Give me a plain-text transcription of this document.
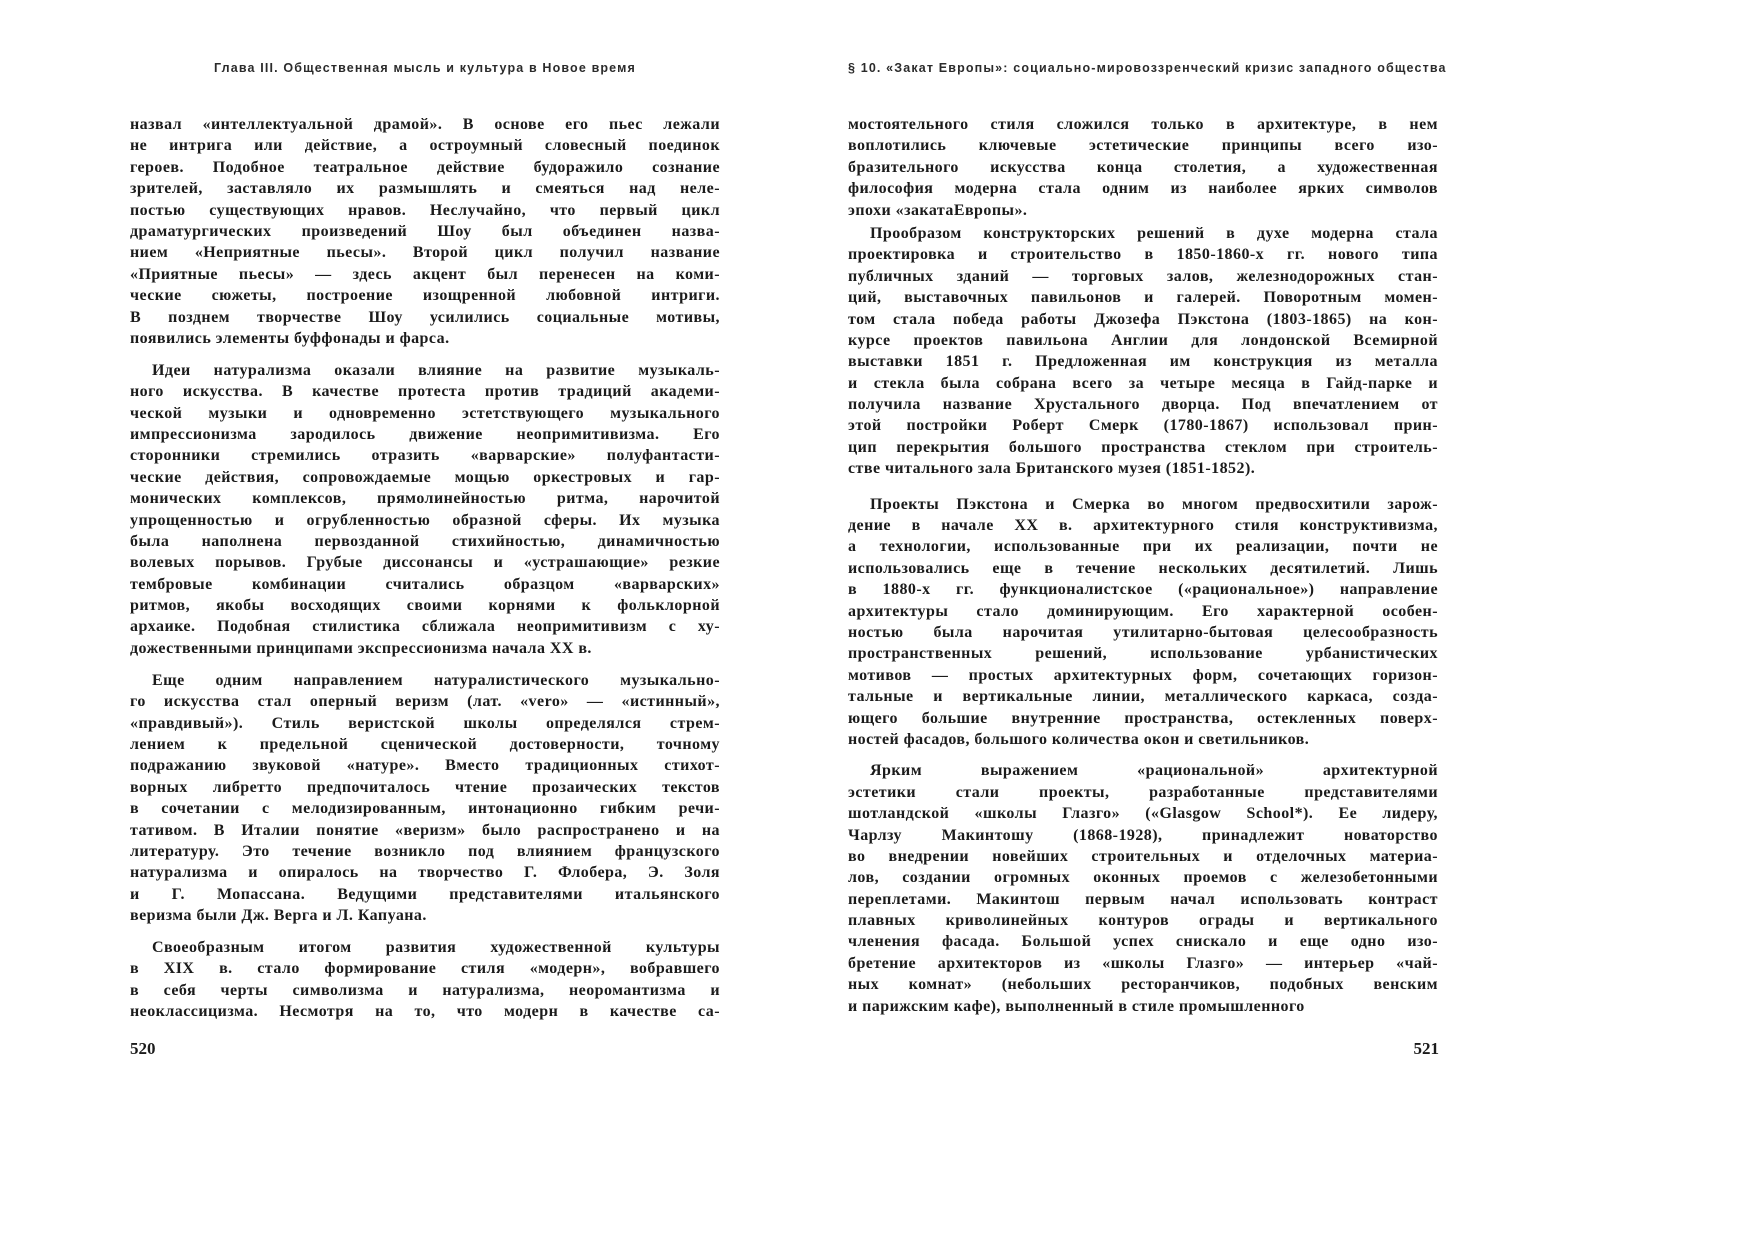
Глава III. Общественная мысль и культура в Новое время
назвал «интеллектуальной драмой». В основе его пьес лежали
не интрига или действие, а остроумный словесный поединок
героев. Подобное театральное действие будоражило сознание
зрителей, заставляло их размышлять и смеяться над неле-
постью существующих нравов. Неслучайно, что первый цикл
драматургических произведений Шоу был объединен назва-
нием «Неприятные пьесы». Второй цикл получил название
«Приятные пьесы» — здесь акцент был перенесен на коми-
ческие сюжеты, построение изощренной любовной интриги.
В позднем творчестве Шоу усилились социальные мотивы,
появились элементы буффонады и фарса.
Идеи натурализма оказали влияние на развитие музыкаль-
ного искусства. В качестве протеста против традиций академи-
ческой музыки и одновременно эстетствующего музыкального
импрессионизма зародилось движение неопримитивизма. Его
сторонники стремились отразить «варварские» полуфантасти-
ческие действия, сопровождаемые мощью оркестровых и гар-
монических комплексов, прямолинейностью ритма, нарочитой
упрощенностью и огрубленностью образной сферы. Их музыка
была наполнена первозданной стихийностью, динамичностью
волевых порывов. Грубые диссонансы и «устрашающие» резкие
тембровые комбинации считались образцом «варварских»
ритмов, якобы восходящих своими корнями к фольклорной
архаике. Подобная стилистика сближала неопримитивизм с ху-
дожественными принципами экспрессионизма начала XX в.
Еще одним направлением натуралистического музыкально-
го искусства стал оперный веризм (лат. «vero» — «истинный»,
«правдивый»). Стиль веристской школы определялся стрем-
лением к предельной сценической достоверности, точному
подражанию звуковой «натуре». Вместо традиционных стихот-
ворных либретто предпочиталось чтение прозаических текстов
в сочетании с мелодизированным, интонационно гибким речи-
тативом. В Италии понятие «веризм» было распространено и на
литературу. Это течение возникло под влиянием французского
натурализма и опиралось на творчество Г. Флобера, Э. Золя
и Г. Мопассана. Ведущими представителями итальянского
веризма были Дж. Верга и Л. Капуана.
Своеобразным итогом развития художественной культуры
в XIX в. стало формирование стиля «модерн», вобравшего
в себя черты символизма и натурализма, неоромантизма и
неоклассицизма. Несмотря на то, что модерн в качестве са-
520
§ 10. «Закат Европы»: социально-мировоззренческий кризис западного общества
мостоятельного стиля сложился только в архитектуре, в нем
воплотились ключевые эстетические принципы всего изо-
бразительного искусства конца столетия, а художественная
философия модерна стала одним из наиболее ярких символов
эпохи «закатаЕвропы».
Прообразом конструкторских решений в духе модерна стала
проектировка и строительство в 1850-1860-х гг. нового типа
публичных зданий — торговых залов, железнодорожных стан-
ций, выставочных павильонов и галерей. Поворотным момен-
том стала победа работы Джозефа Пэкстона (1803-1865) на кон-
курсе проектов павильона Англии для лондонской Всемирной
выставки 1851 г. Предложенная им конструкция из металла
и стекла была собрана всего за четыре месяца в Гайд-парке и
получила название Хрустального дворца. Под впечатлением от
этой постройки Роберт Смерк (1780-1867) использовал прин-
цип перекрытия большого пространства стеклом при строитель-
стве читального зала Британского музея (1851-1852).
Проекты Пэкстона и Смерка во многом предвосхитили зарож-
дение в начале XX в. архитектурного стиля конструктивизма,
а технологии, использованные при их реализации, почти не
использовались еще в течение нескольких десятилетий. Лишь
в 1880-х гг. функционалистское («рациональное») направление
архитектуры стало доминирующим. Его характерной особен-
ностью была нарочитая утилитарно-бытовая целесообразность
пространственных решений, использование урбанистических
мотивов — простых архитектурных форм, сочетающих горизон-
тальные и вертикальные линии, металлического каркаса, созда-
ющего большие внутренние пространства, остекленных поверх-
ностей фасадов, большого количества окон и светильников.
Ярким выражением «рациональной» архитектурной
эстетики стали проекты, разработанные представителями
шотландской «школы Глазго» («Glasgow School*). Ее лидеру,
Чарлзу Макинтошу (1868-1928), принадлежит новаторство
во внедрении новейших строительных и отделочных материа-
лов, создании огромных оконных проемов с железобетонными
переплетами. Макинтош первым начал использовать контраст
плавных криволинейных контуров ограды и вертикального
членения фасада. Большой успех снискало и еще одно изо-
бретение архитекторов из «школы Глазго» — интерьер «чай-
ных комнат» (небольших ресторанчиков, подобных венским
и парижским кафе), выполненный в стиле промышленного
521
